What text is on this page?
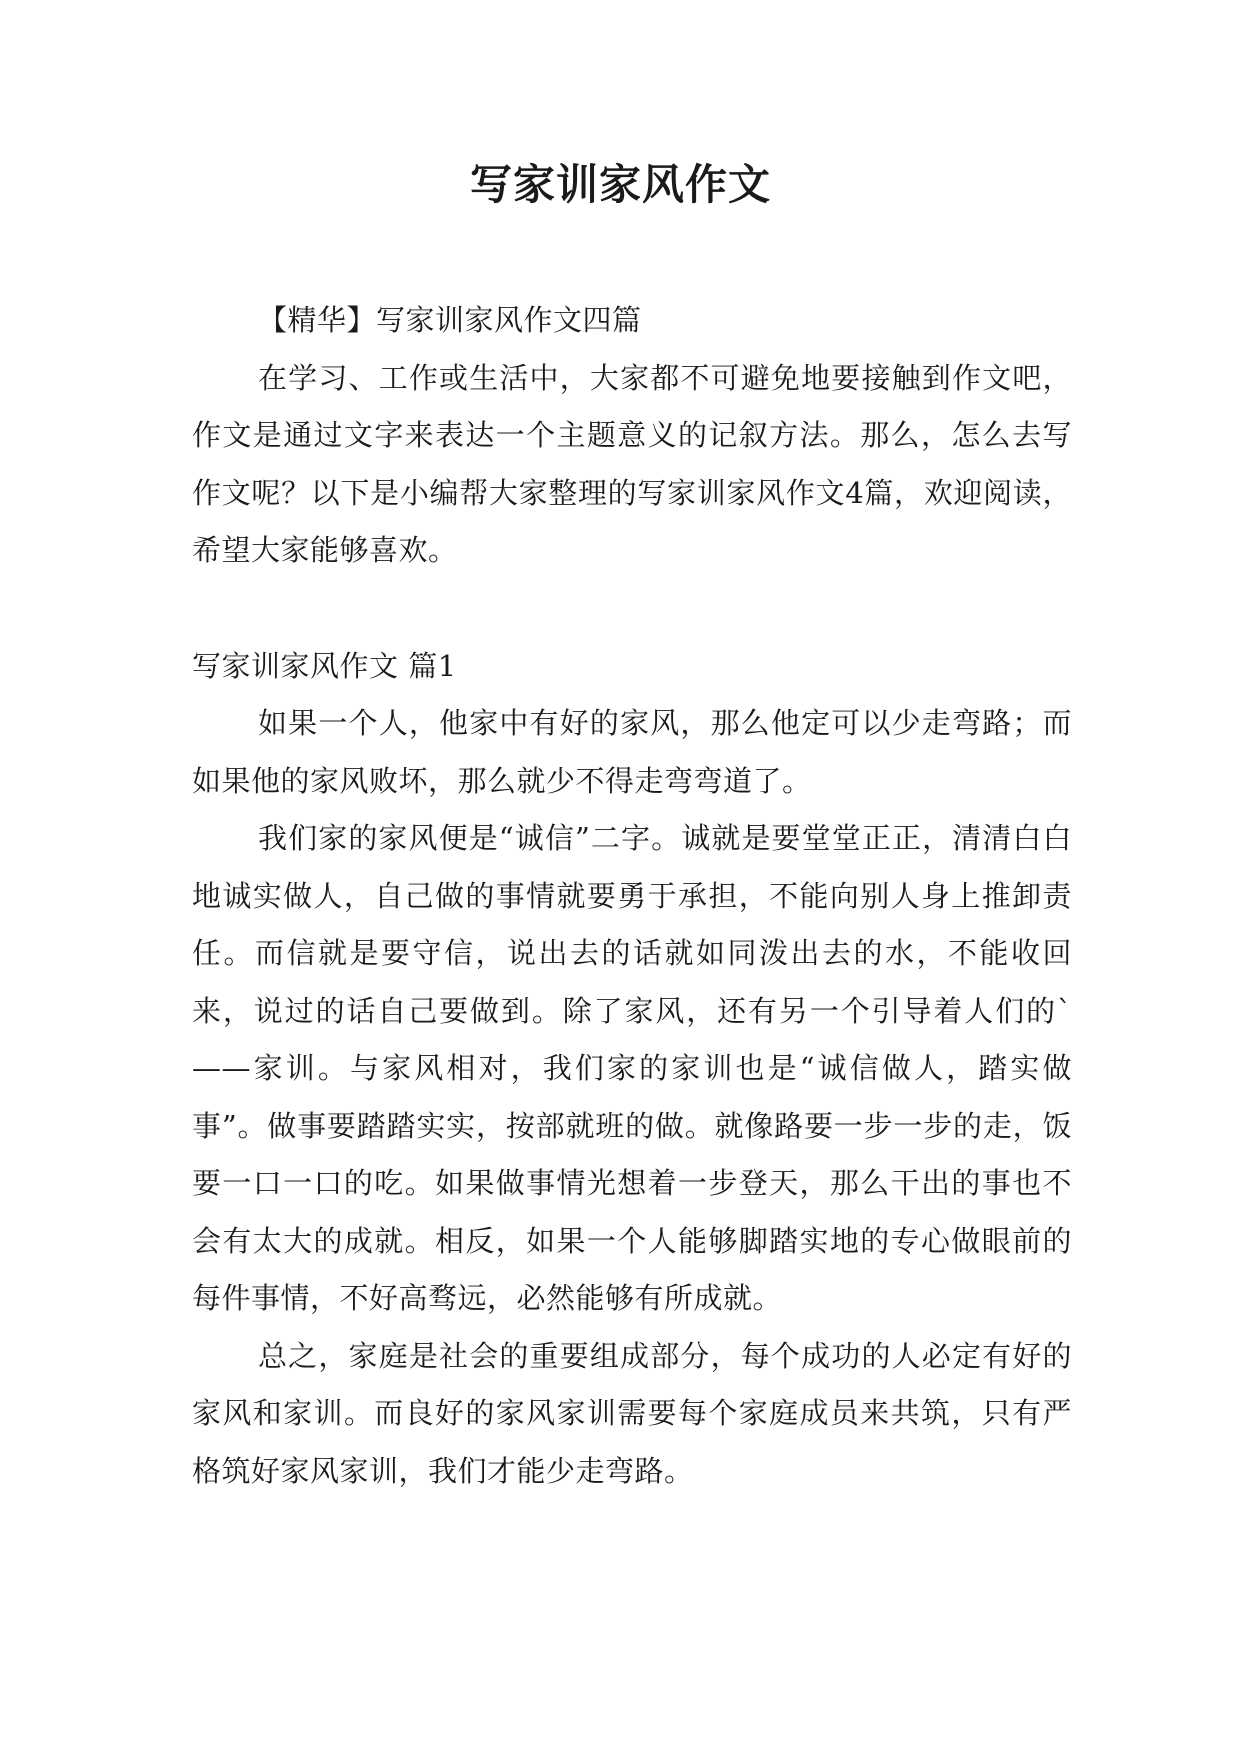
写家训家风作文

【精华】写家训家风作文四篇

在学习、工作或生活中，大家都不可避免地要接触到作文吧，作文是通过文字来表达一个主题意义的记叙方法。那么，怎么去写作文呢？以下是小编帮大家整理的写家训家风作文4篇，欢迎阅读，希望大家能够喜欢。

写家训家风作文 篇1

如果一个人，他家中有好的家风，那么他定可以少走弯路；而如果他的家风败坏，那么就少不得走弯弯道了。

我们家的家风便是“诚信”二字。诚就是要堂堂正正，清清白白地诚实做人，自己做的事情就要勇于承担，不能向别人身上推卸责任。而信就是要守信，说出去的话就如同泼出去的水，不能收回来，说过的话自己要做到。除了家风，还有另一个引导着人们的`——家训。与家风相对，我们家的家训也是“诚信做人，踏实做事”。做事要踏踏实实，按部就班的做。就像路要一步一步的走，饭要一口一口的吃。如果做事情光想着一步登天，那么干出的事也不会有太大的成就。相反，如果一个人能够脚踏实地的专心做眼前的每件事情，不好高骛远，必然能够有所成就。

总之，家庭是社会的重要组成部分，每个成功的人必定有好的家风和家训。而良好的家风家训需要每个家庭成员来共筑，只有严格筑好家风家训，我们才能少走弯路。
